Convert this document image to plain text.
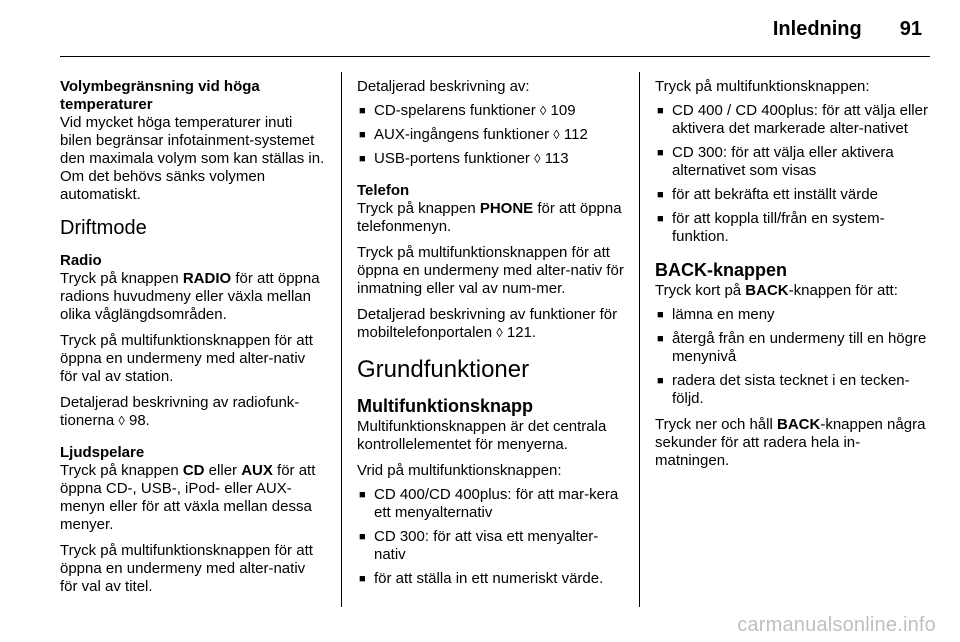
Inledning 91

Volymbegränsning vid höga temperaturer

Vid mycket höga temperaturer inuti bilen begränsar infotainment-systemet den maximala volym som kan ställas in. Om det behövs sänks volymen automatiskt.

Driftmode

Radio

Tryck på knappen RADIO för att öppna radions huvudmeny eller växla mellan olika våglängdsområden.

Tryck på multifunktionsknappen för att öppna en undermeny med alter-nativ för val av station.

Detaljerad beskrivning av radiofunk-tionerna ◊ 98.

Ljudspelare

Tryck på knappen CD eller AUX för att öppna CD-, USB-, iPod- eller AUX-menyn eller för att växla mellan dessa menyer.

Tryck på multifunktionsknappen för att öppna en undermeny med alter-nativ för val av titel.

Detaljerad beskrivning av:

■ CD-spelarens funktioner ◊ 109
■ AUX-ingångens funktioner ◊ 112
■ USB-portens funktioner ◊ 113

Telefon

Tryck på knappen PHONE för att öppna telefonmenyn.

Tryck på multifunktionsknappen för att öppna en undermeny med alter-nativ för inmatning eller val av num-mer.

Detaljerad beskrivning av funktioner för mobiltelefonportalen ◊ 121.

Grundfunktioner
Multifunktionsknapp

Multifunktionsknappen är det centrala kontrollelementet för menyerna.

Vrid på multifunktionsknappen:

■ CD 400/CD 400plus: för att mar-kera ett menyalternativ
■ CD 300: för att visa ett menyalter-nativ
■ för att ställa in ett numeriskt värde.

Tryck på multifunktionsknappen:

■ CD 400 / CD 400plus: för att välja eller aktivera det markerade alter-nativet
■ CD 300: för att välja eller aktivera alternativet som visas
■ för att bekräfta ett inställt värde
■ för att koppla till/från en system-funktion.
BACK-knappen

Tryck kort på BACK-knappen för att:

■ lämna en meny
■ återgå från en undermeny till en högre menynivå
■ radera det sista tecknet i en tecken-följd.

Tryck ner och håll BACK-knappen några sekunder för att radera hela in-matningen.

carmanualsonline.info
